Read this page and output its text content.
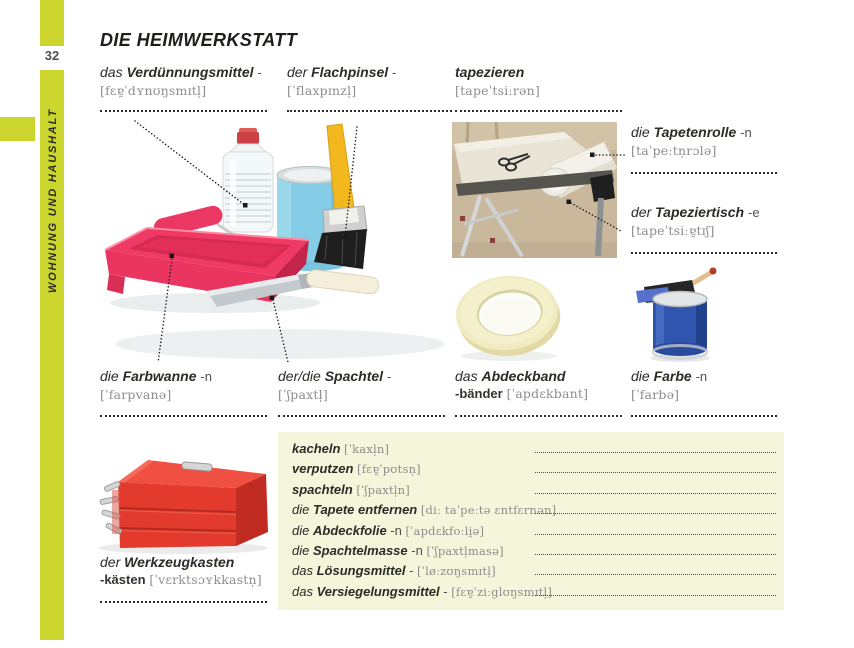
32
WOHNUNG UND HAUSHALT
DIE HEIMWERKSTATT
das Verdünnungsmittel -
[fɛɐ̯ˈdʏnʊŋsmɪtl̩]
der Flachpinsel -
[ˈflaxpɪnzl̩]
tapezieren
[tapeˈtsiːrən]
die Tapetenrolle -n
[taˈpeːtn̩rɔlə]
der Tapeziertisch -e
[tapeˈtsiːɐ̯tɪʃ]
die Farbwanne -n
[ˈfarpvanə]
der/die Spachtel -
[ˈʃpaxtl̩]
das Abdeckband
-bänder [ˈapdɛkbant]
die Farbe -n
[ˈfarbə]
der Werkzeugkasten
-kästen [ˈvɛrktsɔʏkkastn̩]
kacheln [ˈkaxl̩n]
verputzen [fɛɐ̯ˈpʊtsn̩]
spachteln [ˈʃpaxtl̩n]
die Tapete entfernen [diː taˈpeːtə ɛntfɛrnən]
die Abdeckfolie -n [ˈapdɛkfoːli̯ə]
die Spachtelmasse -n [ˈʃpaxtl̩masə]
das Lösungsmittel - [ˈløːzʊŋsmɪtl̩]
das Versiegelungsmittel - [fɛɐ̯ˈziːglʊŋsmɪtl̩]
